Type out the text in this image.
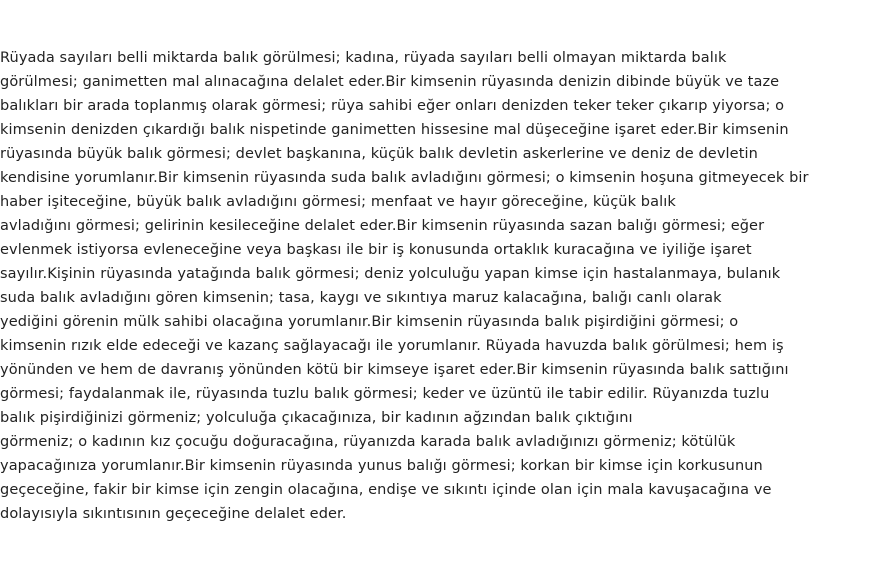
Rüyada sayıları belli miktarda balık görülmesi; kadına, rüyada sayıları belli olmayan miktarda balık
görülmesi; ganimetten mal alınacağına delalet eder.Bir kimsenin rüyasında denizin dibinde büyük ve taze
balıkları bir arada toplanmış olarak görmesi; rüya sahibi eğer onları denizden teker teker çıkarıp yiyorsa; o
kimsenin denizden çıkardığı balık nispetinde ganimetten hissesine mal düşeceğine işaret eder.Bir kimsenin
rüyasında büyük balık görmesi; devlet başkanına, küçük balık devletin askerlerine ve deniz de devletin
kendisine yorumlanır.Bir kimsenin rüyasında suda balık avladığını görmesi; o kimsenin hoşuna gitmeyecek bir
haber işiteceğine, büyük balık avladığını görmesi; menfaat ve hayır göreceğine, küçük balık
avladığını görmesi; gelirinin kesileceğine delalet eder.Bir kimsenin rüyasında sazan balığı görmesi; eğer
evlenmek istiyorsa evleneceğine veya başkası ile bir iş konusunda ortaklık kuracağına ve iyiliğe işaret
sayılır.Kişinin rüyasında yatağında balık görmesi; deniz yolculuğu yapan kimse için hastalanmaya, bulanık
suda balık avladığını gören kimsenin; tasa, kaygı ve sıkıntıya maruz kalacağına, balığı canlı olarak
yediğini görenin mülk sahibi olacağına yorumlanır.Bir kimsenin rüyasında balık pişirdiğini görmesi; o
kimsenin rızık elde edeceği ve kazanç sağlayacağı ile yorumlanır. Rüyada havuzda balık görülmesi; hem iş
yönünden ve hem de davranış yönünden kötü bir kimseye işaret eder.Bir kimsenin rüyasında balık sattığını
görmesi; faydalanmak ile, rüyasında tuzlu balık görmesi; keder ve üzüntü ile tabir edilir. Rüyanızda tuzlu
balık pişirdiğinizi görmeniz; yolculuğa çıkacağınıza, bir kadının ağzından balık çıktığını
görmeniz; o kadının kız çocuğu doğuracağına, rüyanızda karada balık avladığınızı görmeniz; kötülük
yapacağınıza yorumlanır.Bir kimsenin rüyasında yunus balığı görmesi; korkan bir kimse için korkusunun
geçeceğine, fakir bir kimse için zengin olacağına, endişe ve sıkıntı içinde olan için mala kavuşacağına ve
dolayısıyla sıkıntısının geçeceğine delalet eder.
